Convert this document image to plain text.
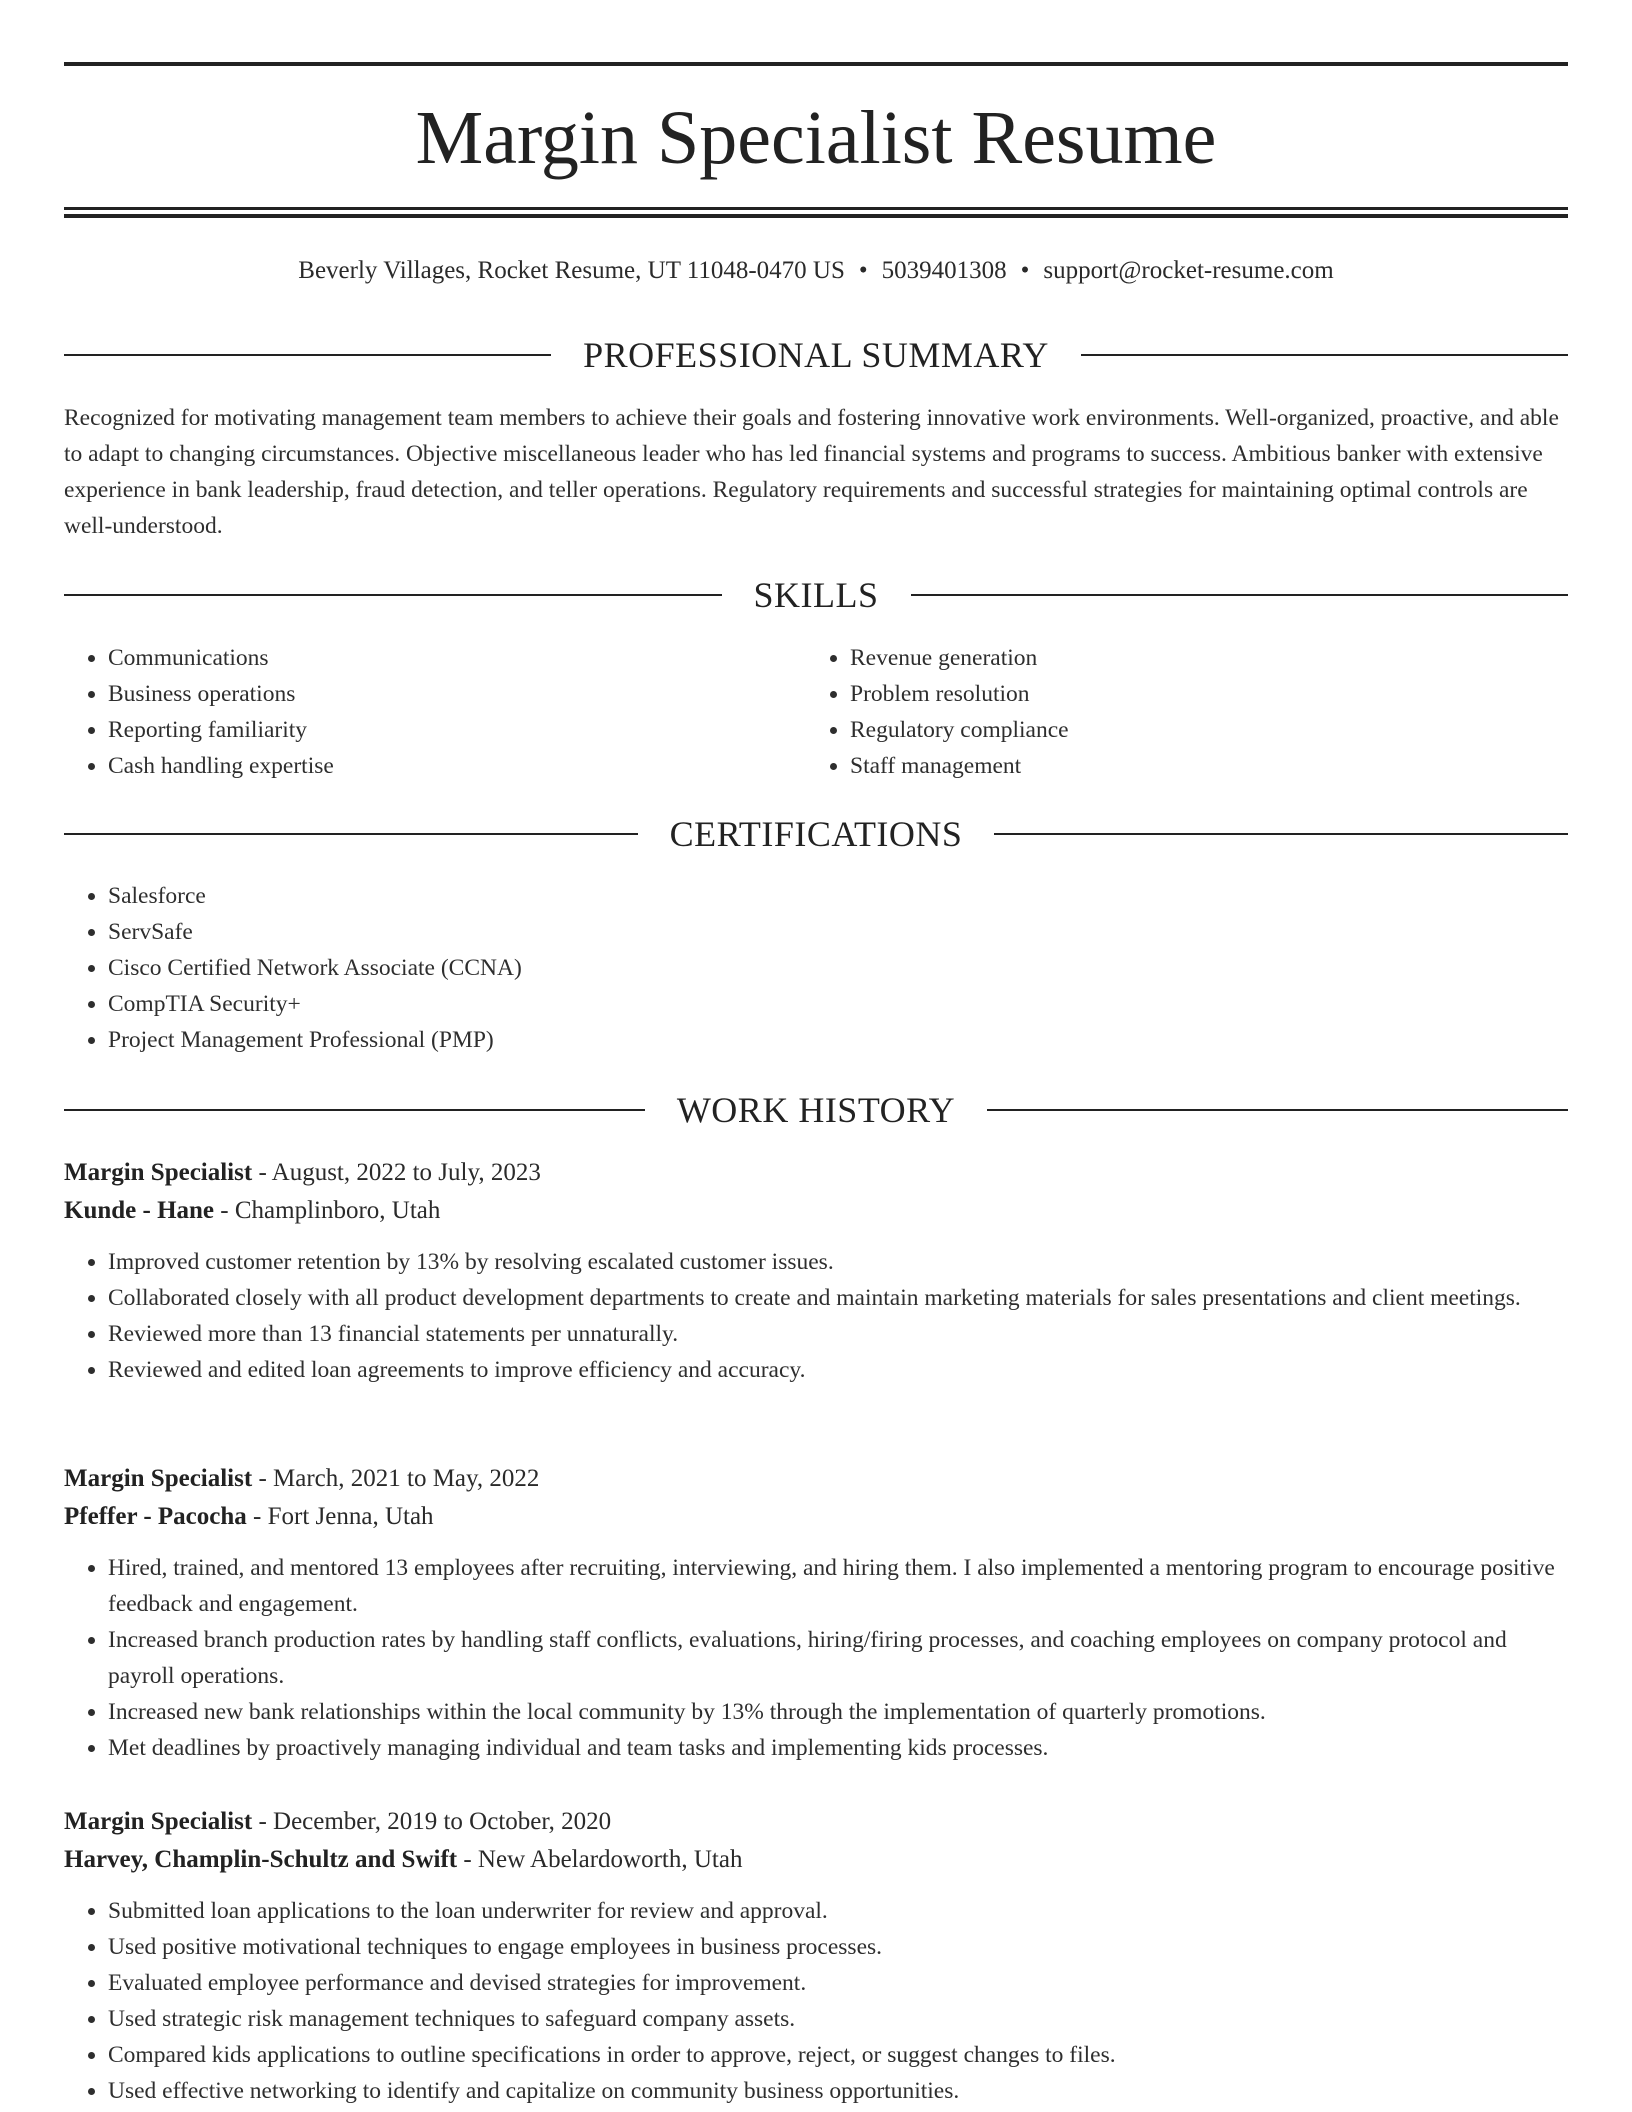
Margin Specialist Resume
Beverly Villages, Rocket Resume, UT 11048-0470 US • 5039401308 • support@rocket-resume.com
PROFESSIONAL SUMMARY

Recognized for motivating management team members to achieve their goals and fostering innovative work environments. Well-organized, proactive, and able to adapt to changing circumstances. Objective miscellaneous leader who has led financial systems and programs to success. Ambitious banker with extensive experience in bank leadership, fraud detection, and teller operations. Regulatory requirements and successful strategies for maintaining optimal controls are well-understood.

SKILLS
• Communications
• Business operations
• Reporting familiarity
• Cash handling expertise
• Revenue generation
• Problem resolution
• Regulatory compliance
• Staff management
CERTIFICATIONS
• Salesforce
• ServSafe
• Cisco Certified Network Associate (CCNA)
• CompTIA Security+
• Project Management Professional (PMP)
WORK HISTORY
Margin Specialist - August, 2022 to July, 2023
Kunde - Hane - Champlinboro, Utah
• Improved customer retention by 13% by resolving escalated customer issues.
• Collaborated closely with all product development departments to create and maintain marketing materials for sales presentations and client meetings.
• Reviewed more than 13 financial statements per unnaturally.
• Reviewed and edited loan agreements to improve efficiency and accuracy.
Margin Specialist - March, 2021 to May, 2022
Pfeffer - Pacocha - Fort Jenna, Utah
• Hired, trained, and mentored 13 employees after recruiting, interviewing, and hiring them. I also implemented a mentoring program to encourage positive feedback and engagement.
• Increased branch production rates by handling staff conflicts, evaluations, hiring/firing processes, and coaching employees on company protocol and payroll operations.
• Increased new bank relationships within the local community by 13% through the implementation of quarterly promotions.
• Met deadlines by proactively managing individual and team tasks and implementing kids processes.
Margin Specialist - December, 2019 to October, 2020
Harvey, Champlin-Schultz and Swift - New Abelardoworth, Utah
• Submitted loan applications to the loan underwriter for review and approval.
• Used positive motivational techniques to engage employees in business processes.
• Evaluated employee performance and devised strategies for improvement.
• Used strategic risk management techniques to safeguard company assets.
• Compared kids applications to outline specifications in order to approve, reject, or suggest changes to files.
• Used effective networking to identify and capitalize on community business opportunities.
